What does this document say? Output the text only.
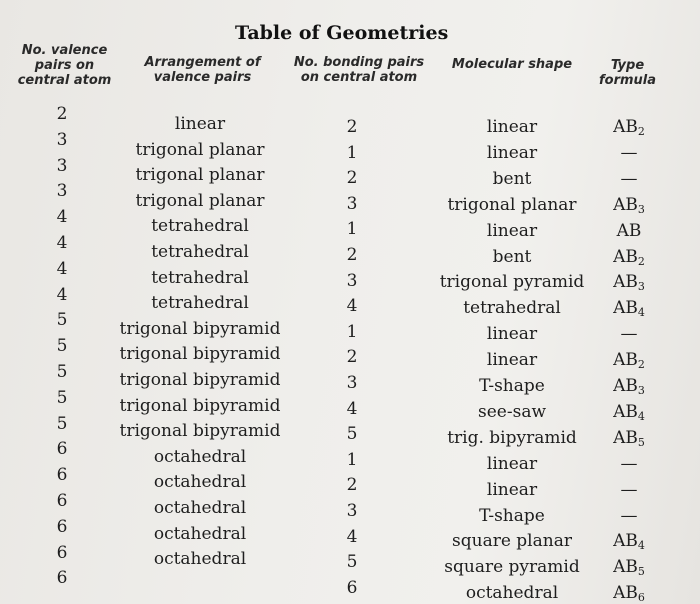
Table of Geometries
No. valence
pairs on
central atom
Arrangement of
valence pairs
No. bonding pairs
on central atom
Molecular shape	Type
formula
2
3
3
3
4
4
4
4
5
5
5
5
5
6
6
6
6
6
6
linear
trigonal planar
trigonal planar
trigonal planar
tetrahedral
tetrahedral
tetrahedral
tetrahedral
trigonal bipyramid
trigonal bipyramid
trigonal bipyramid
trigonal bipyramid
trigonal bipyramid
octahedral
octahedral
octahedral
octahedral
octahedral
2
1
2
3
1
2
3
4
1
2
3
4
5
1
2
3
4
5
6
linear
linear
bent
trigonal planar
linear
bent
trigonal pyramid
tetrahedral
linear
linear
T-shape
see-saw
trig. bipyramid
linear
linear
T-shape
square planar
square pyramid
octahedral
$AB_2$
—
—
$AB_3$
AB
$AB_2$
$AB_3$
$AB_4$
—
$AB_2$
$AB_3$
$AB_4$
$AB_5$
—
—
—
$AB_4$
$AB_5$
$AB_6$
